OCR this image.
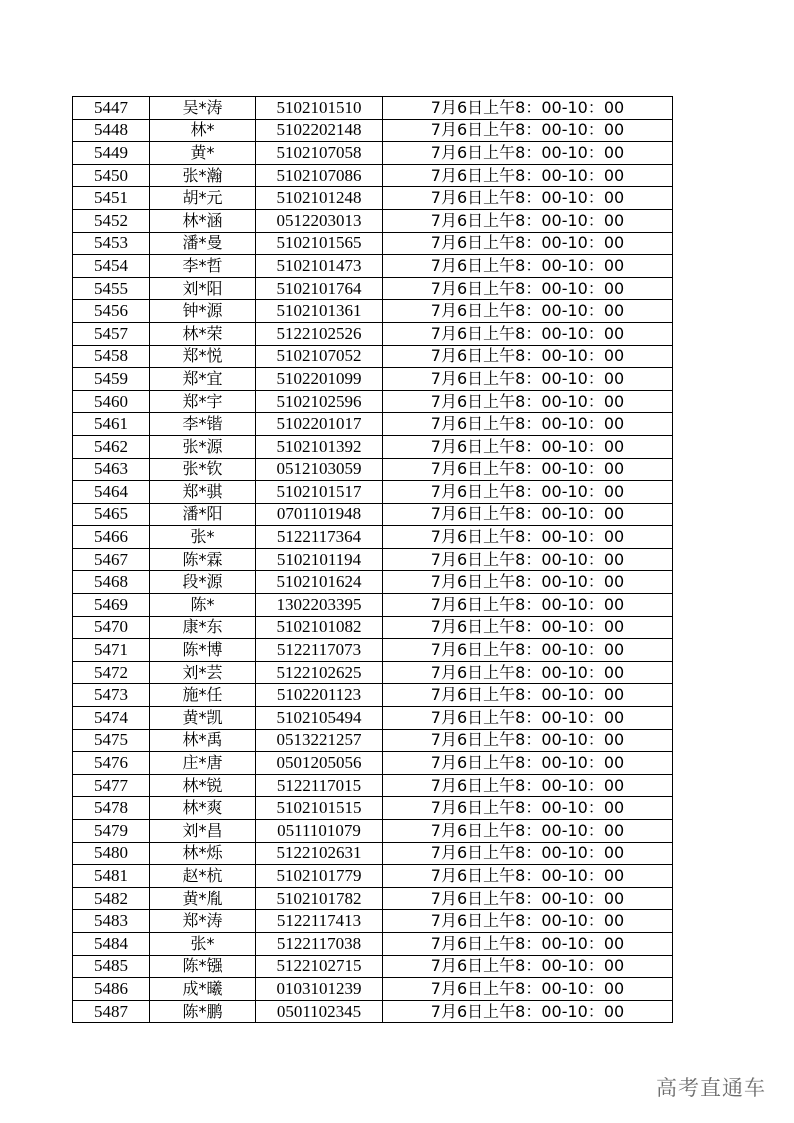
5447	吴*涛	5102101510	7月6日上午8：00-10：00
5448	林*	5102202148	7月6日上午8：00-10：00
5449	黄*	5102107058	7月6日上午8：00-10：00
5450	张*瀚	5102107086	7月6日上午8：00-10：00
5451	胡*元	5102101248	7月6日上午8：00-10：00
5452	林*涵	0512203013	7月6日上午8：00-10：00
5453	潘*曼	5102101565	7月6日上午8：00-10：00
5454	李*哲	5102101473	7月6日上午8：00-10：00
5455	刘*阳	5102101764	7月6日上午8：00-10：00
5456	钟*源	5102101361	7月6日上午8：00-10：00
5457	林*荣	5122102526	7月6日上午8：00-10：00
5458	郑*悦	5102107052	7月6日上午8：00-10：00
5459	郑*宜	5102201099	7月6日上午8：00-10：00
5460	郑*宇	5102102596	7月6日上午8：00-10：00
5461	李*锴	5102201017	7月6日上午8：00-10：00
5462	张*源	5102101392	7月6日上午8：00-10：00
5463	张*钦	0512103059	7月6日上午8：00-10：00
5464	郑*骐	5102101517	7月6日上午8：00-10：00
5465	潘*阳	0701101948	7月6日上午8：00-10：00
5466	张*	5122117364	7月6日上午8：00-10：00
5467	陈*霖	5102101194	7月6日上午8：00-10：00
5468	段*源	5102101624	7月6日上午8：00-10：00
5469	陈*	1302203395	7月6日上午8：00-10：00
5470	康*东	5102101082	7月6日上午8：00-10：00
5471	陈*博	5122117073	7月6日上午8：00-10：00
5472	刘*芸	5122102625	7月6日上午8：00-10：00
5473	施*任	5102201123	7月6日上午8：00-10：00
5474	黄*凯	5102105494	7月6日上午8：00-10：00
5475	林*禹	0513221257	7月6日上午8：00-10：00
5476	庄*唐	0501205056	7月6日上午8：00-10：00
5477	林*锐	5122117015	7月6日上午8：00-10：00
5478	林*爽	5102101515	7月6日上午8：00-10：00
5479	刘*昌	0511101079	7月6日上午8：00-10：00
5480	林*烁	5122102631	7月6日上午8：00-10：00
5481	赵*杭	5102101779	7月6日上午8：00-10：00
5482	黄*胤	5102101782	7月6日上午8：00-10：00
5483	郑*涛	5122117413	7月6日上午8：00-10：00
5484	张*	5122117038	7月6日上午8：00-10：00
5485	陈*镪	5122102715	7月6日上午8：00-10：00
5486	成*曦	0103101239	7月6日上午8：00-10：00
5487	陈*鹏	0501102345	7月6日上午8：00-10：00
高考直通车
